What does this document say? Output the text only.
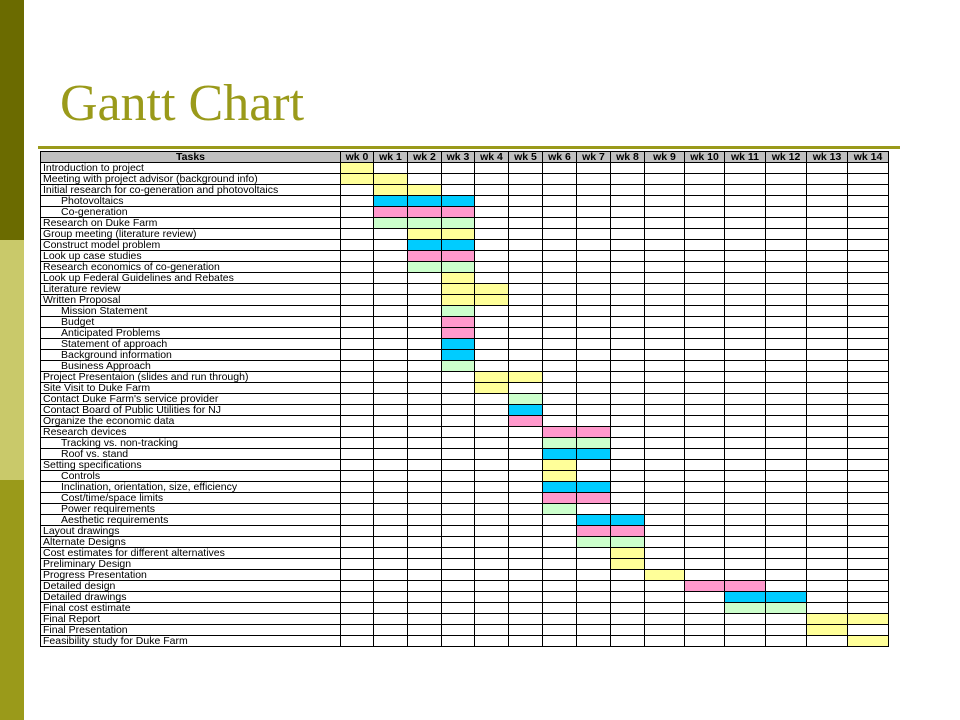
Gantt Chart
Tasks	wk 0	wk 1	wk 2	wk 3	wk 4	wk 5	wk 6	wk 7	wk 8	wk 9	wk 10	wk 11	wk 12	wk 13	wk 14
Introduction to project															
Meeting with project advisor (background info)															
Initial research for co-generation and photovoltaics															
Photovoltaics															
Co-generation															
Research on Duke Farm															
Group meeting (literature review)															
Construct model problem															
Look up case studies															
Research economics of co-generation															
Look up Federal Guidelines and Rebates															
Literature review															
Written Proposal															
Mission Statement															
Budget															
Anticipated Problems															
Statement of approach															
Background information															
Business Approach															
Project Presentaion (slides and run through)															
Site Visit to Duke Farm															
Contact Duke Farm's service provider															
Contact Board of Public Utilities for NJ															
Organize the economic data															
Research devices															
Tracking vs. non-tracking															
Roof vs. stand															
Setting specifications															
Controls															
Inclination, orientation, size, efficiency															
Cost/time/space limits															
Power requirements															
Aesthetic requirements															
Layout drawings															
Alternate Designs															
Cost estimates for different alternatives															
Preliminary Design															
Progress Presentation															
Detailed design															
Detailed drawings															
Final cost estimate															
Final Report															
Final Presentation															
Feasibility study for Duke Farm															
